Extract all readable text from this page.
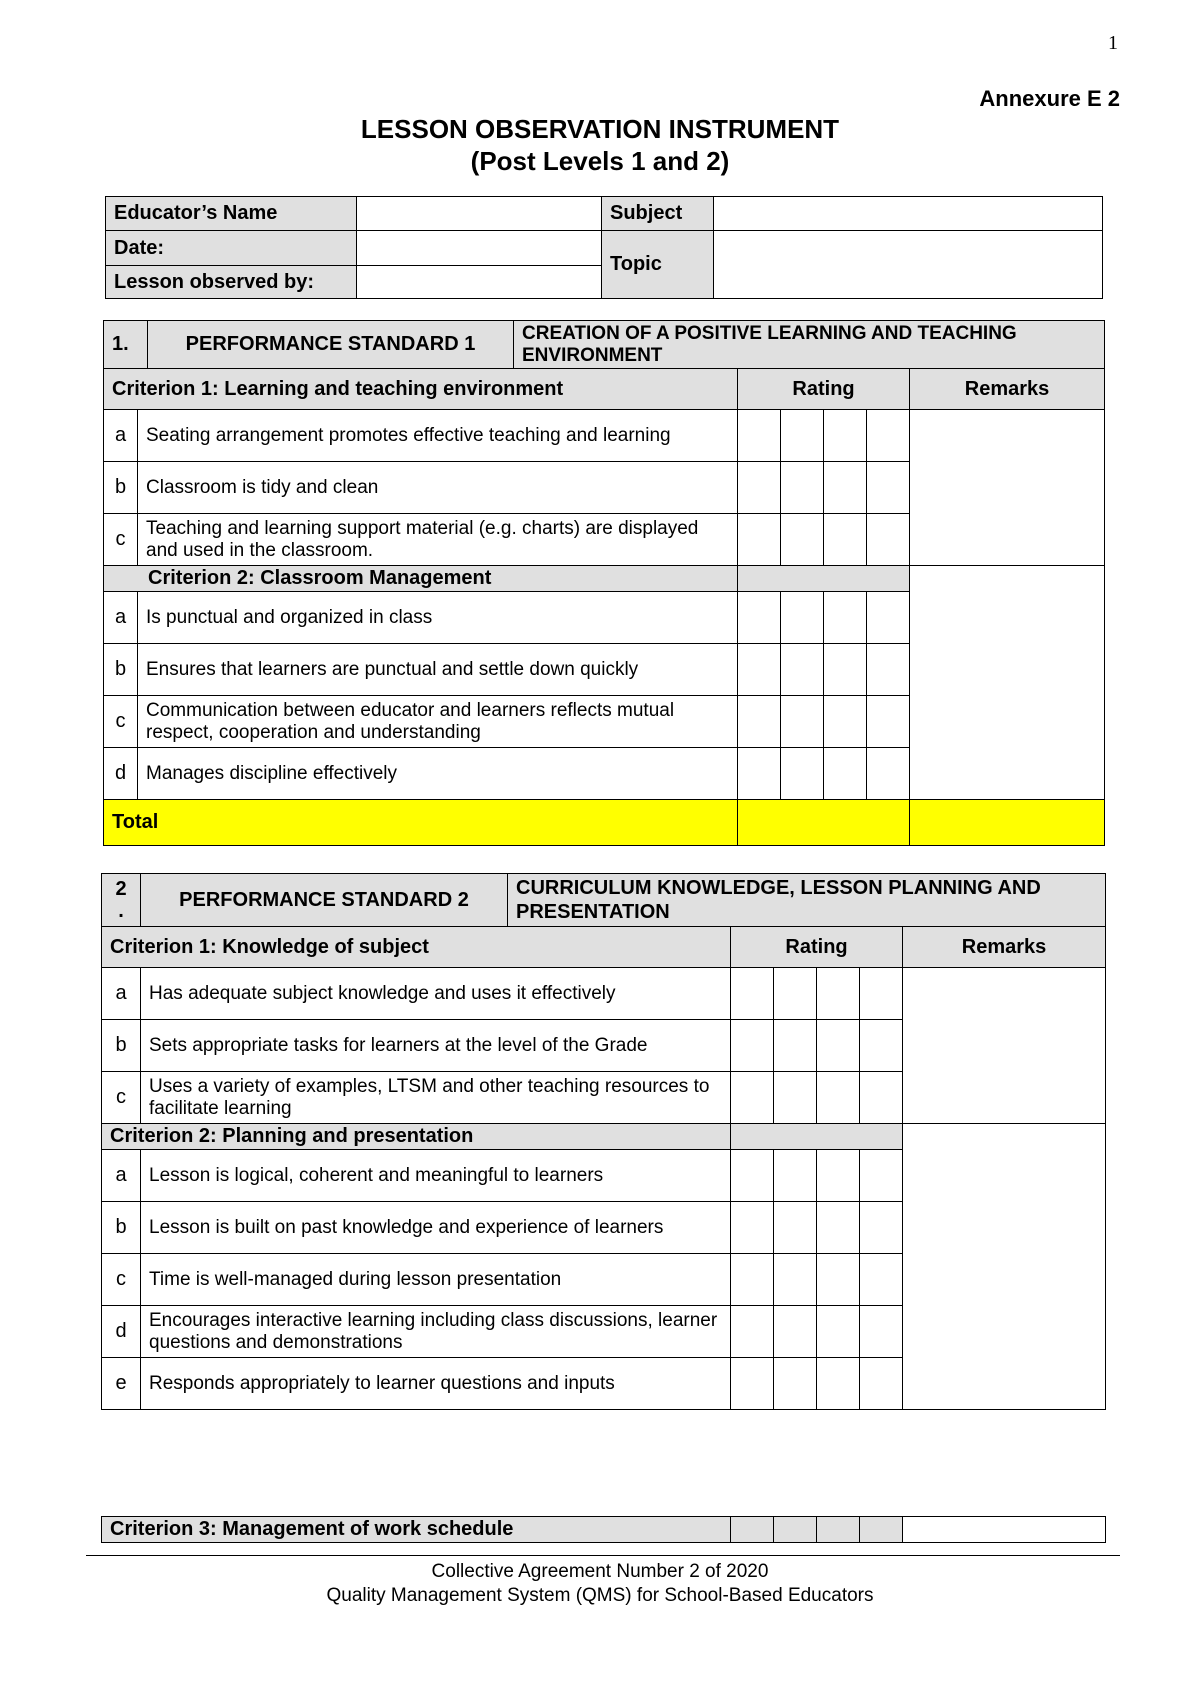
1
Annexure E 2
LESSON OBSERVATION INSTRUMENT
(Post Levels 1 and 2)
Educator’s Name		Subject	
Date:		Topic	
Lesson observed by:			
1.	PERFORMANCE STANDARD 1	CREATION OF A POSITIVE LEARNING AND TEACHING ENVIRONMENT
Criterion 1: Learning and teaching environment		Rating				Remarks
a	Seating arrangement promotes effective teaching and learning					
b	Classroom is tidy and clean					
c	Teaching and learning support material (e.g. charts) are displayed and used in the classroom.					
Criterion 2: Classroom Management						
a	Is punctual and organized in class					
b	Ensures that learners are punctual and settle down quickly					
c	Communication between educator and learners reflects mutual respect, cooperation and understanding					
d	Manages discipline effectively					
Total						
2
.	PERFORMANCE STANDARD 2	CURRICULUM KNOWLEDGE, LESSON PLANNING AND PRESENTATION
Criterion 1: Knowledge of subject		Rating				Remarks
a	Has adequate subject knowledge and uses it effectively					
b	Sets appropriate tasks for learners at the level of the Grade					
c	Uses a variety of examples, LTSM and other teaching resources to facilitate learning					
Criterion 2: Planning and presentation						
a	Lesson is logical, coherent and meaningful to learners					
b	Lesson is built on past knowledge and experience of learners					
c	Time is well-managed during lesson presentation					
d	Encourages interactive learning including class discussions, learner questions and demonstrations					
e	Responds appropriately to learner questions and inputs					
Criterion 3: Management of work schedule					
Collective Agreement Number 2 of 2020
Quality Management System (QMS) for School-Based Educators
